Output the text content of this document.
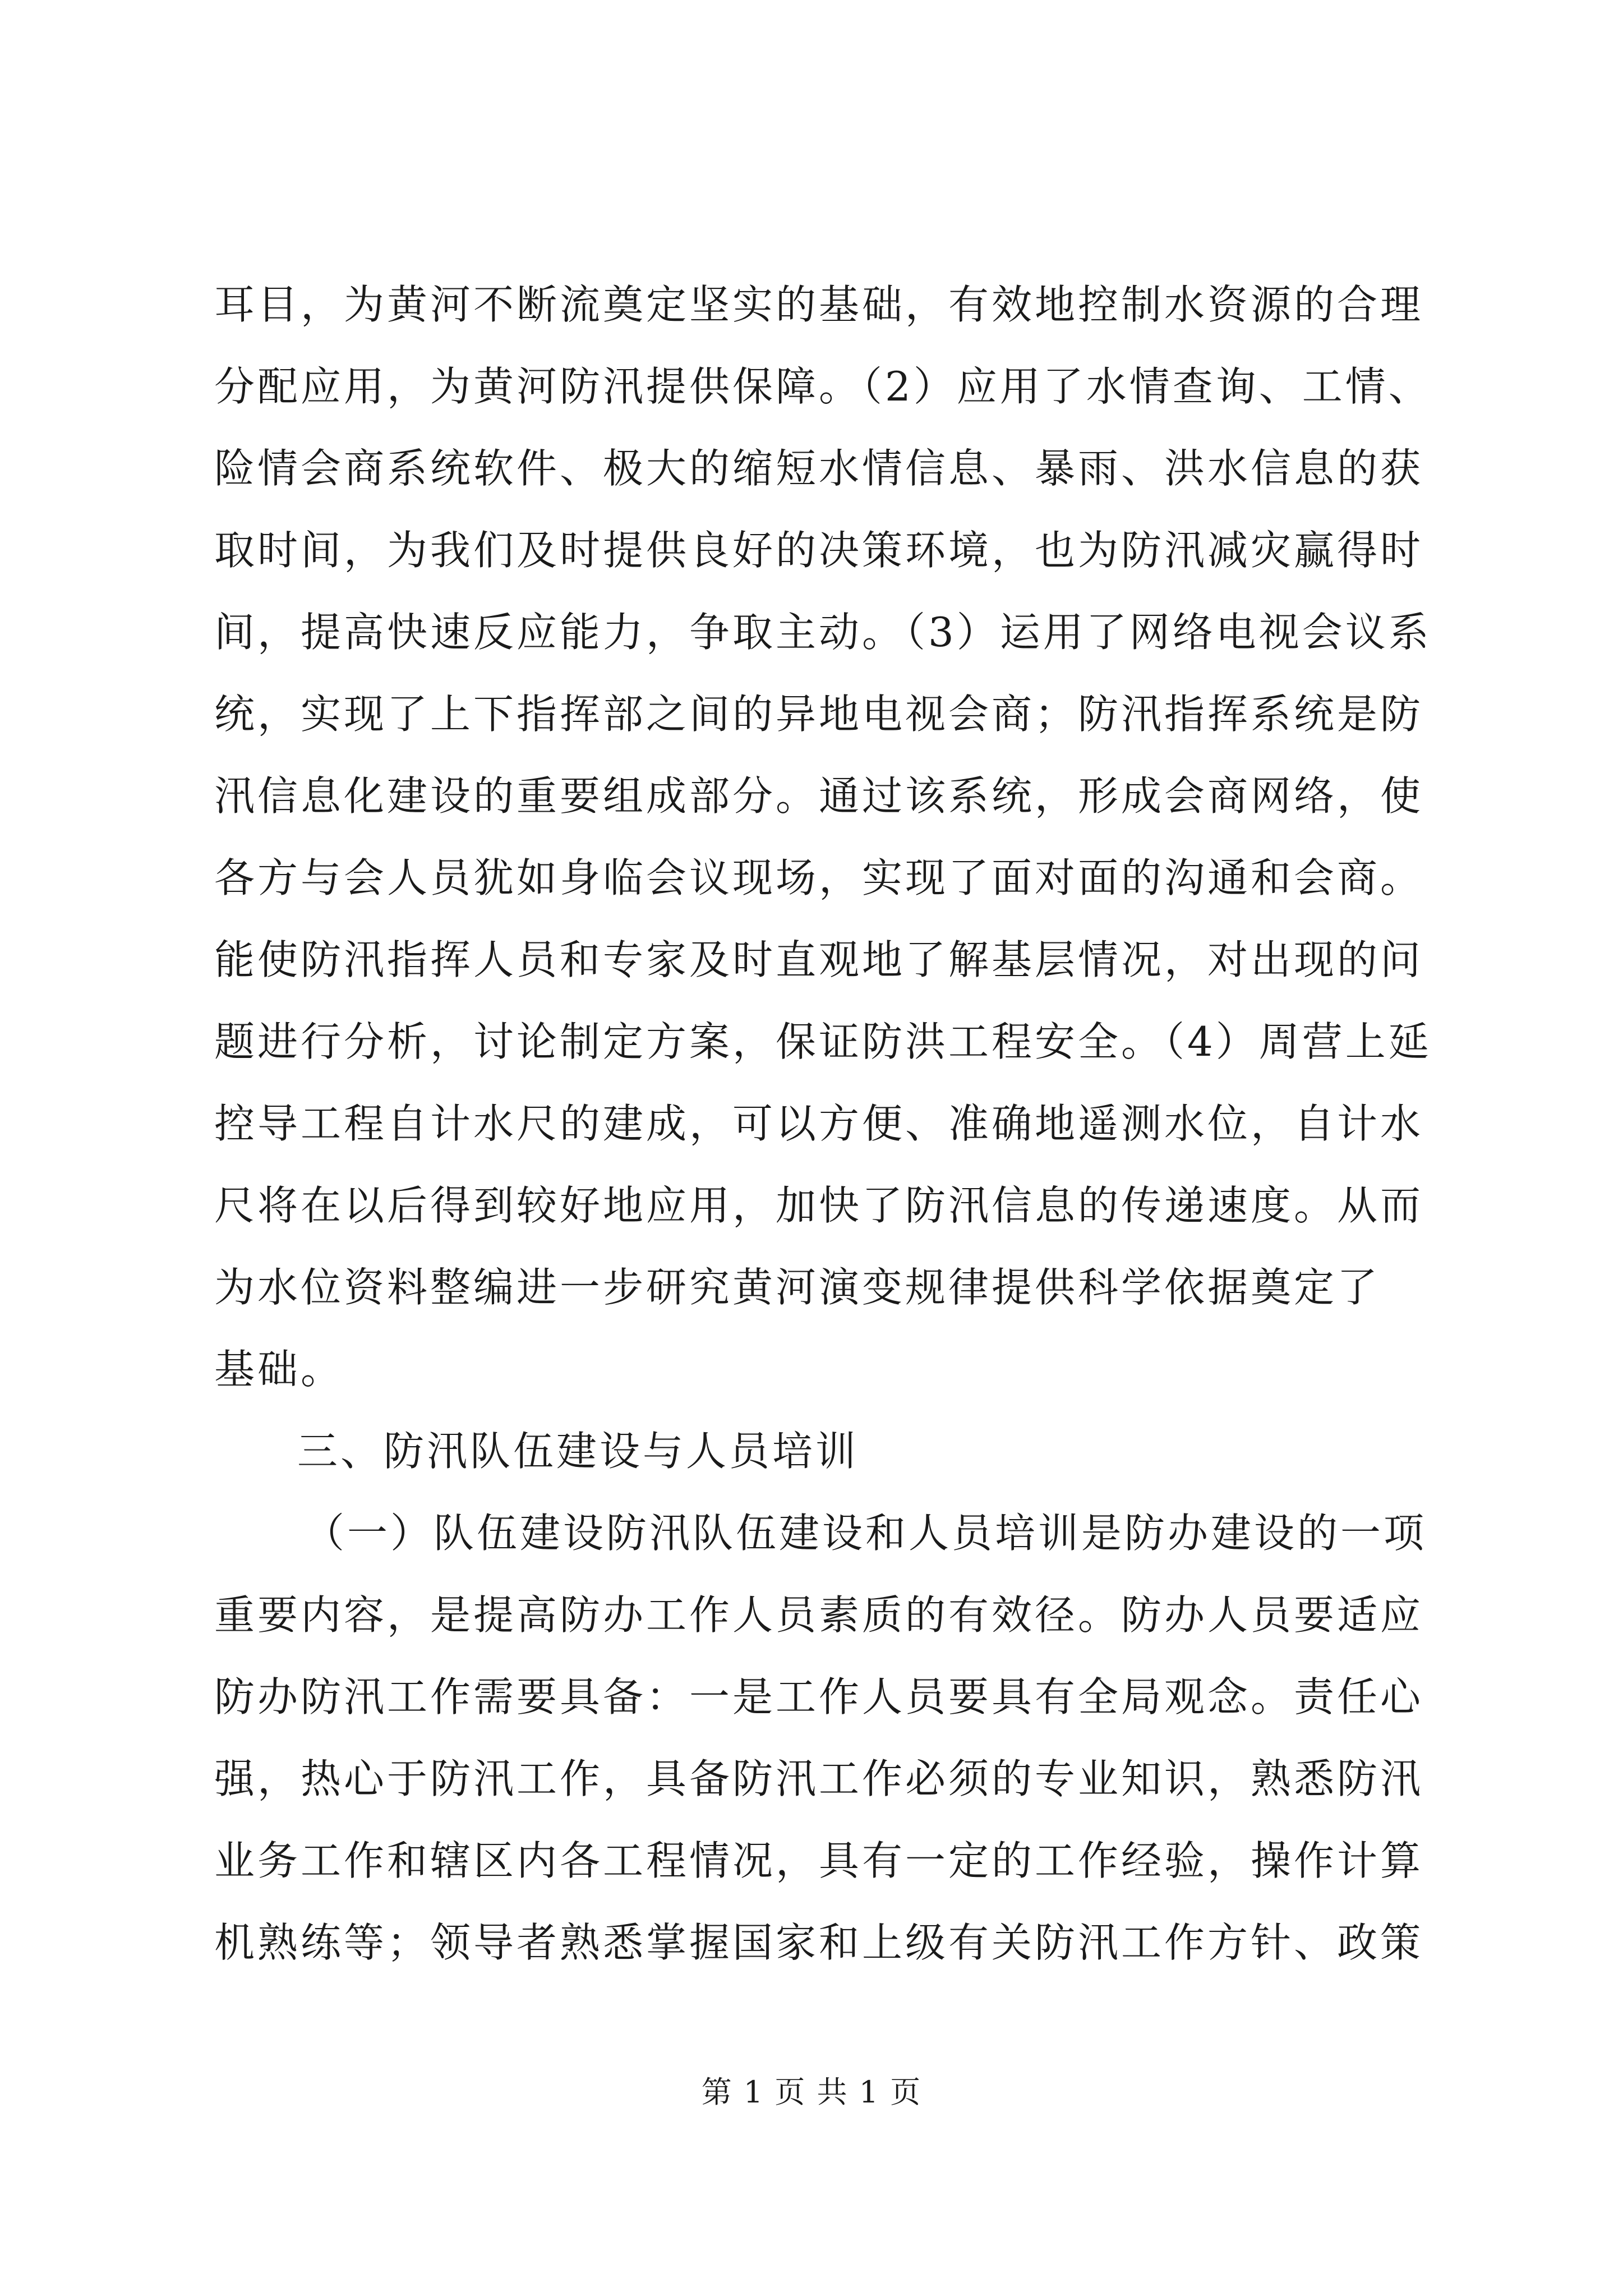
耳目，为黄河不断流奠定坚实的基础，有效地控制水资源的合理
分配应用，为黄河防汛提供保障。（2）应用了水情查询、工情、
险情会商系统软件、极大的缩短水情信息、暴雨、洪水信息的获
取时间，为我们及时提供良好的决策环境，也为防汛减灾赢得时
间，提高快速反应能力，争取主动。（3）运用了网络电视会议系
统，实现了上下指挥部之间的异地电视会商；防汛指挥系统是防
汛信息化建设的重要组成部分。通过该系统，形成会商网络，使
各方与会人员犹如身临会议现场，实现了面对面的沟通和会商。
能使防汛指挥人员和专家及时直观地了解基层情况，对出现的问
题进行分析，讨论制定方案，保证防洪工程安全。（4）周营上延
控导工程自计水尺的建成，可以方便、准确地遥测水位，自计水
尺将在以后得到较好地应用，加快了防汛信息的传递速度。从而
为水位资料整编进一步研究黄河演变规律提供科学依据奠定了
基础。
三、防汛队伍建设与人员培训
（一）队伍建设防汛队伍建设和人员培训是防办建设的一项
重要内容，是提高防办工作人员素质的有效径。防办人员要适应
防办防汛工作需要具备：一是工作人员要具有全局观念。责任心
强，热心于防汛工作，具备防汛工作必须的专业知识，熟悉防汛
业务工作和辖区内各工程情况，具有一定的工作经验，操作计算
机熟练等；领导者熟悉掌握国家和上级有关防汛工作方针、政策
第 1 页 共 1 页
